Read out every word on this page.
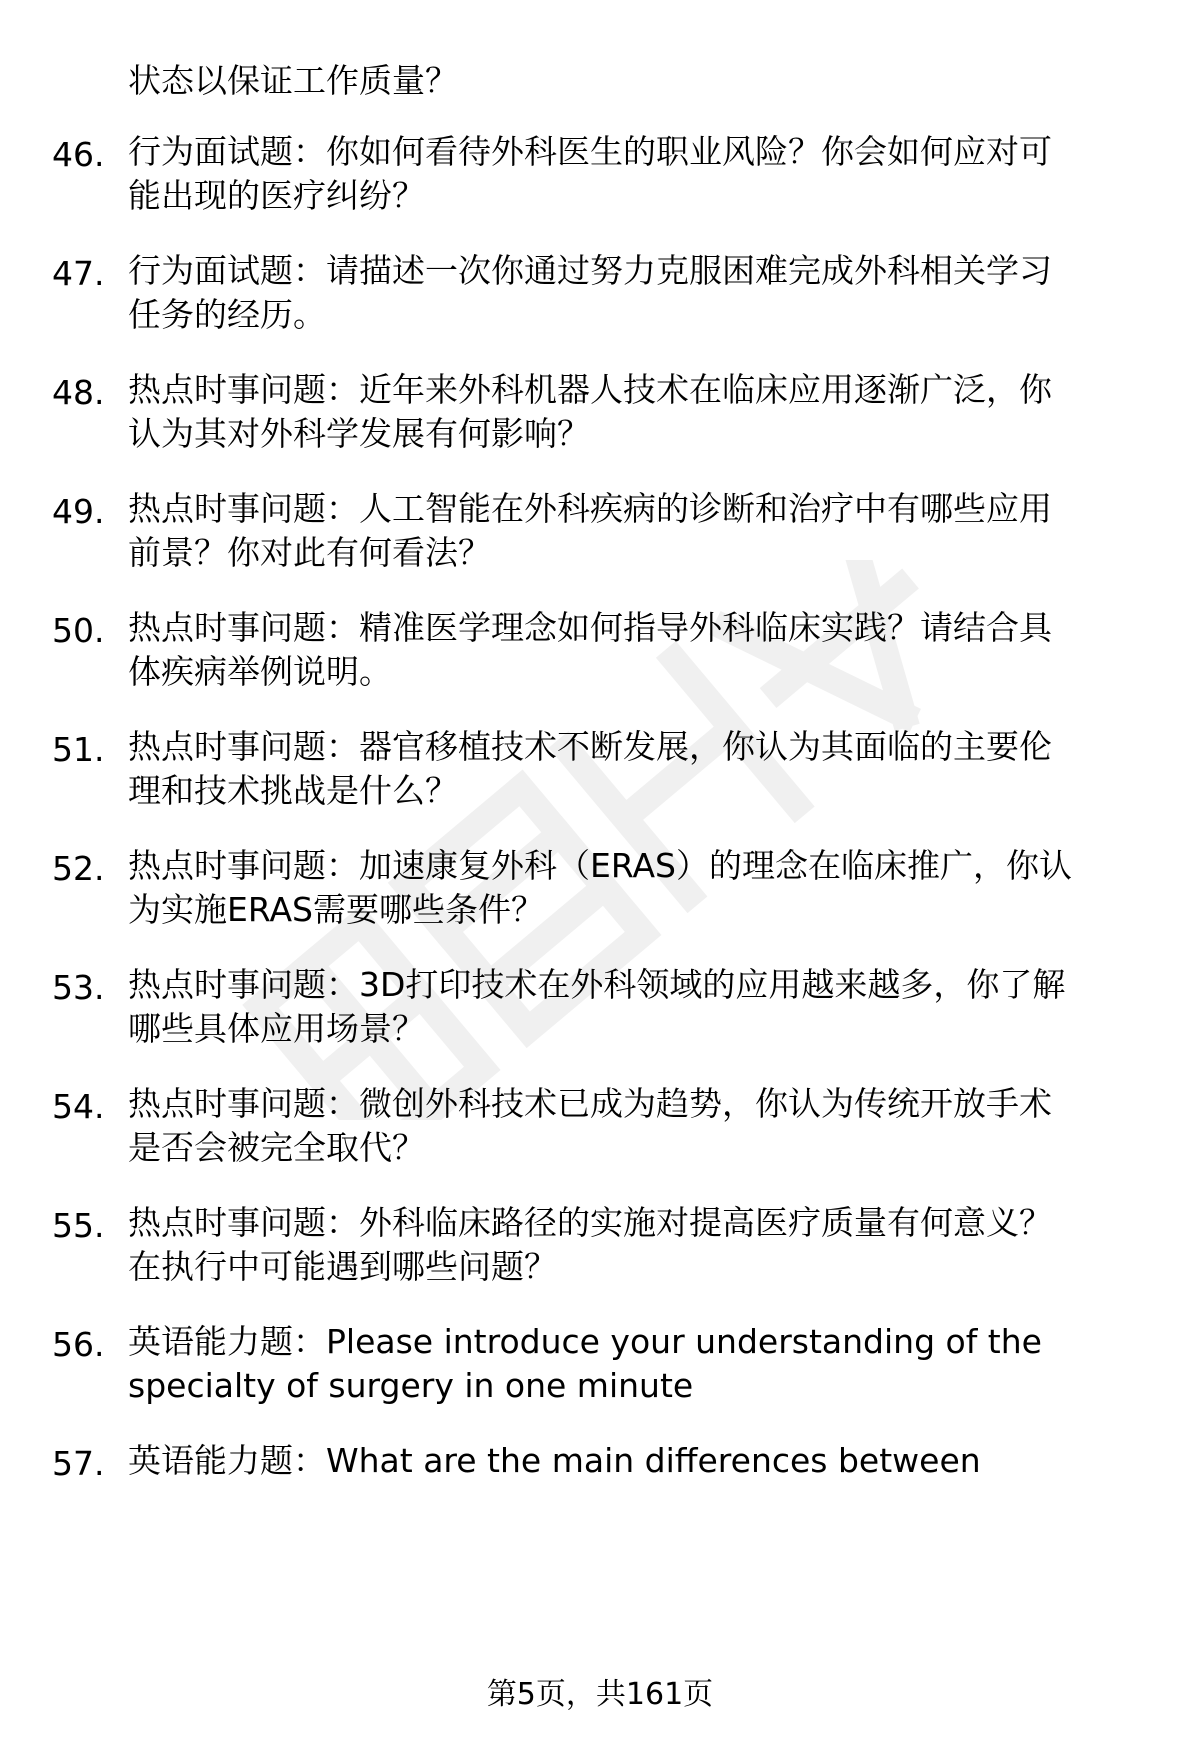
状态以保证工作质量？
46. 行为面试题：你如何看待外科医生的职业风险？你会如何应对可
能出现的医疗纠纷？
47. 行为面试题：请描述一次你通过努力克服困难完成外科相关学习
任务的经历。
48. 热点时事问题：近年来外科机器人技术在临床应用逐渐广泛，你
认为其对外科学发展有何影响？
49. 热点时事问题：人工智能在外科疾病的诊断和治疗中有哪些应用
前景？你对此有何看法？
50. 热点时事问题：精准医学理念如何指导外科临床实践？请结合具
体疾病举例说明。
51. 热点时事问题：器官移植技术不断发展，你认为其面临的主要伦
理和技术挑战是什么？
52. 热点时事问题：加速康复外科（ERAS）的理念在临床推广，你认
为实施ERAS需要哪些条件？
53. 热点时事问题：3D打印技术在外科领域的应用越来越多，你了解
哪些具体应用场景？
54. 热点时事问题：微创外科技术已成为趋势，你认为传统开放手术
是否会被完全取代？
55. 热点时事问题：外科临床路径的实施对提高医疗质量有何意义？
在执行中可能遇到哪些问题？
56. 英语能力题：Please introduce your understanding of the
specialty of surgery in one minute
57. 英语能力题：What are the main differences between
第5页，共161页
